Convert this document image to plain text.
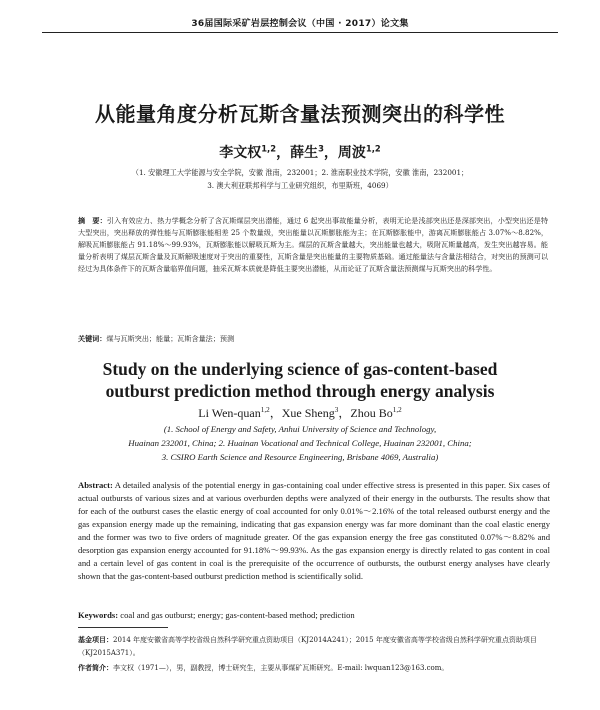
36届国际采矿岩层控制会议（中国 · 2017）论文集
从能量角度分析瓦斯含量法预测突出的科学性
李文权$^{1,2}$，薛生$^3$，周波$^{1,2}$
（1. 安徽理工大学能源与安全学院，安徽 淮南，232001；2. 淮南职业技术学院，安徽 淮南，232001；
3. 澳大利亚联邦科学与工业研究组织，布里斯班，4069）
摘　要：引入有效应力、热力学概念分析了含瓦斯煤层突出潜能，通过 6 起突出事故能量分析，表明无论是浅部突出还是深部突出，小型突出还是特大型突出，突出释放的弹性能与瓦斯膨胀能相差 25 个数量级，突出能量以瓦斯膨胀能为主；在瓦斯膨胀能中，游离瓦斯膨胀能占 3.07%～8.82%，解吸瓦斯膨胀能占 91.18%～99.93%，瓦斯膨胀能以解吸瓦斯为主。煤层的瓦斯含量越大，突出能量也越大，吸附瓦斯量越高，发生突出越容易。能量分析表明了煤层瓦斯含量及瓦斯解吸速度对于突出的重要性，瓦斯含量是突出能量的主要物质基础。通过能量法与含量法相结合，对突出的预测可以经过为具体条件下的瓦斯含量临界值问题，抽采瓦斯本质就是降低主要突出潜能，从而论证了瓦斯含量法预测煤与瓦斯突出的科学性。
关键词：煤与瓦斯突出；能量；瓦斯含量法；预测
Study on the underlying science of gas-content-based
outburst prediction method through energy analysis
Li Wen-quan$^{1,2}$，Xue Sheng$^3$，Zhou Bo$^{1,2}$
(1. School of Energy and Safety, Anhui University of Science and Technology,
Huainan 232001, China; 2. Huainan Vocational and Technical College, Huainan 232001, China;
3. CSIRO Earth Science and Resource Engineering, Brisbane 4069, Australia)
Abstract: A detailed analysis of the potential energy in gas-containing coal under effective stress is presented in this paper. Six cases of actual outbursts of various sizes and at various overburden depths were analyzed of their energy in the outbursts. The results show that for each of the outburst cases the elastic energy of coal accounted for only 0.01%～2.16% of the total released outburst energy and the gas expansion energy made up the remaining, indicating that gas expansion energy was far more dominant than the coal elastic energy and the former was two to five orders of magnitude greater. Of the gas expansion energy the free gas constituted 0.07%～8.82% and desorption gas expansion energy accounted for 91.18%～99.93%. As the gas expansion energy is directly related to gas content in coal and a certain level of gas content in coal is the prerequisite of the occurrence of outbursts, the outburst energy analyses have clearly shown that the gas-content-based outburst prediction method is scientifically solid.
Keywords: coal and gas outburst; energy; gas-content-based method; prediction
基金项目：2014 年度安徽省高等学校省级自然科学研究重点资助项目（KJ2014A241）；2015 年度安徽省高等学校省级自然科学研究重点资助项目（KJ2015A371）。
作者简介：李文权（1971—），男，副教授，博士研究生，主要从事煤矿瓦斯研究。E-mail: lwquan123@163.com。
